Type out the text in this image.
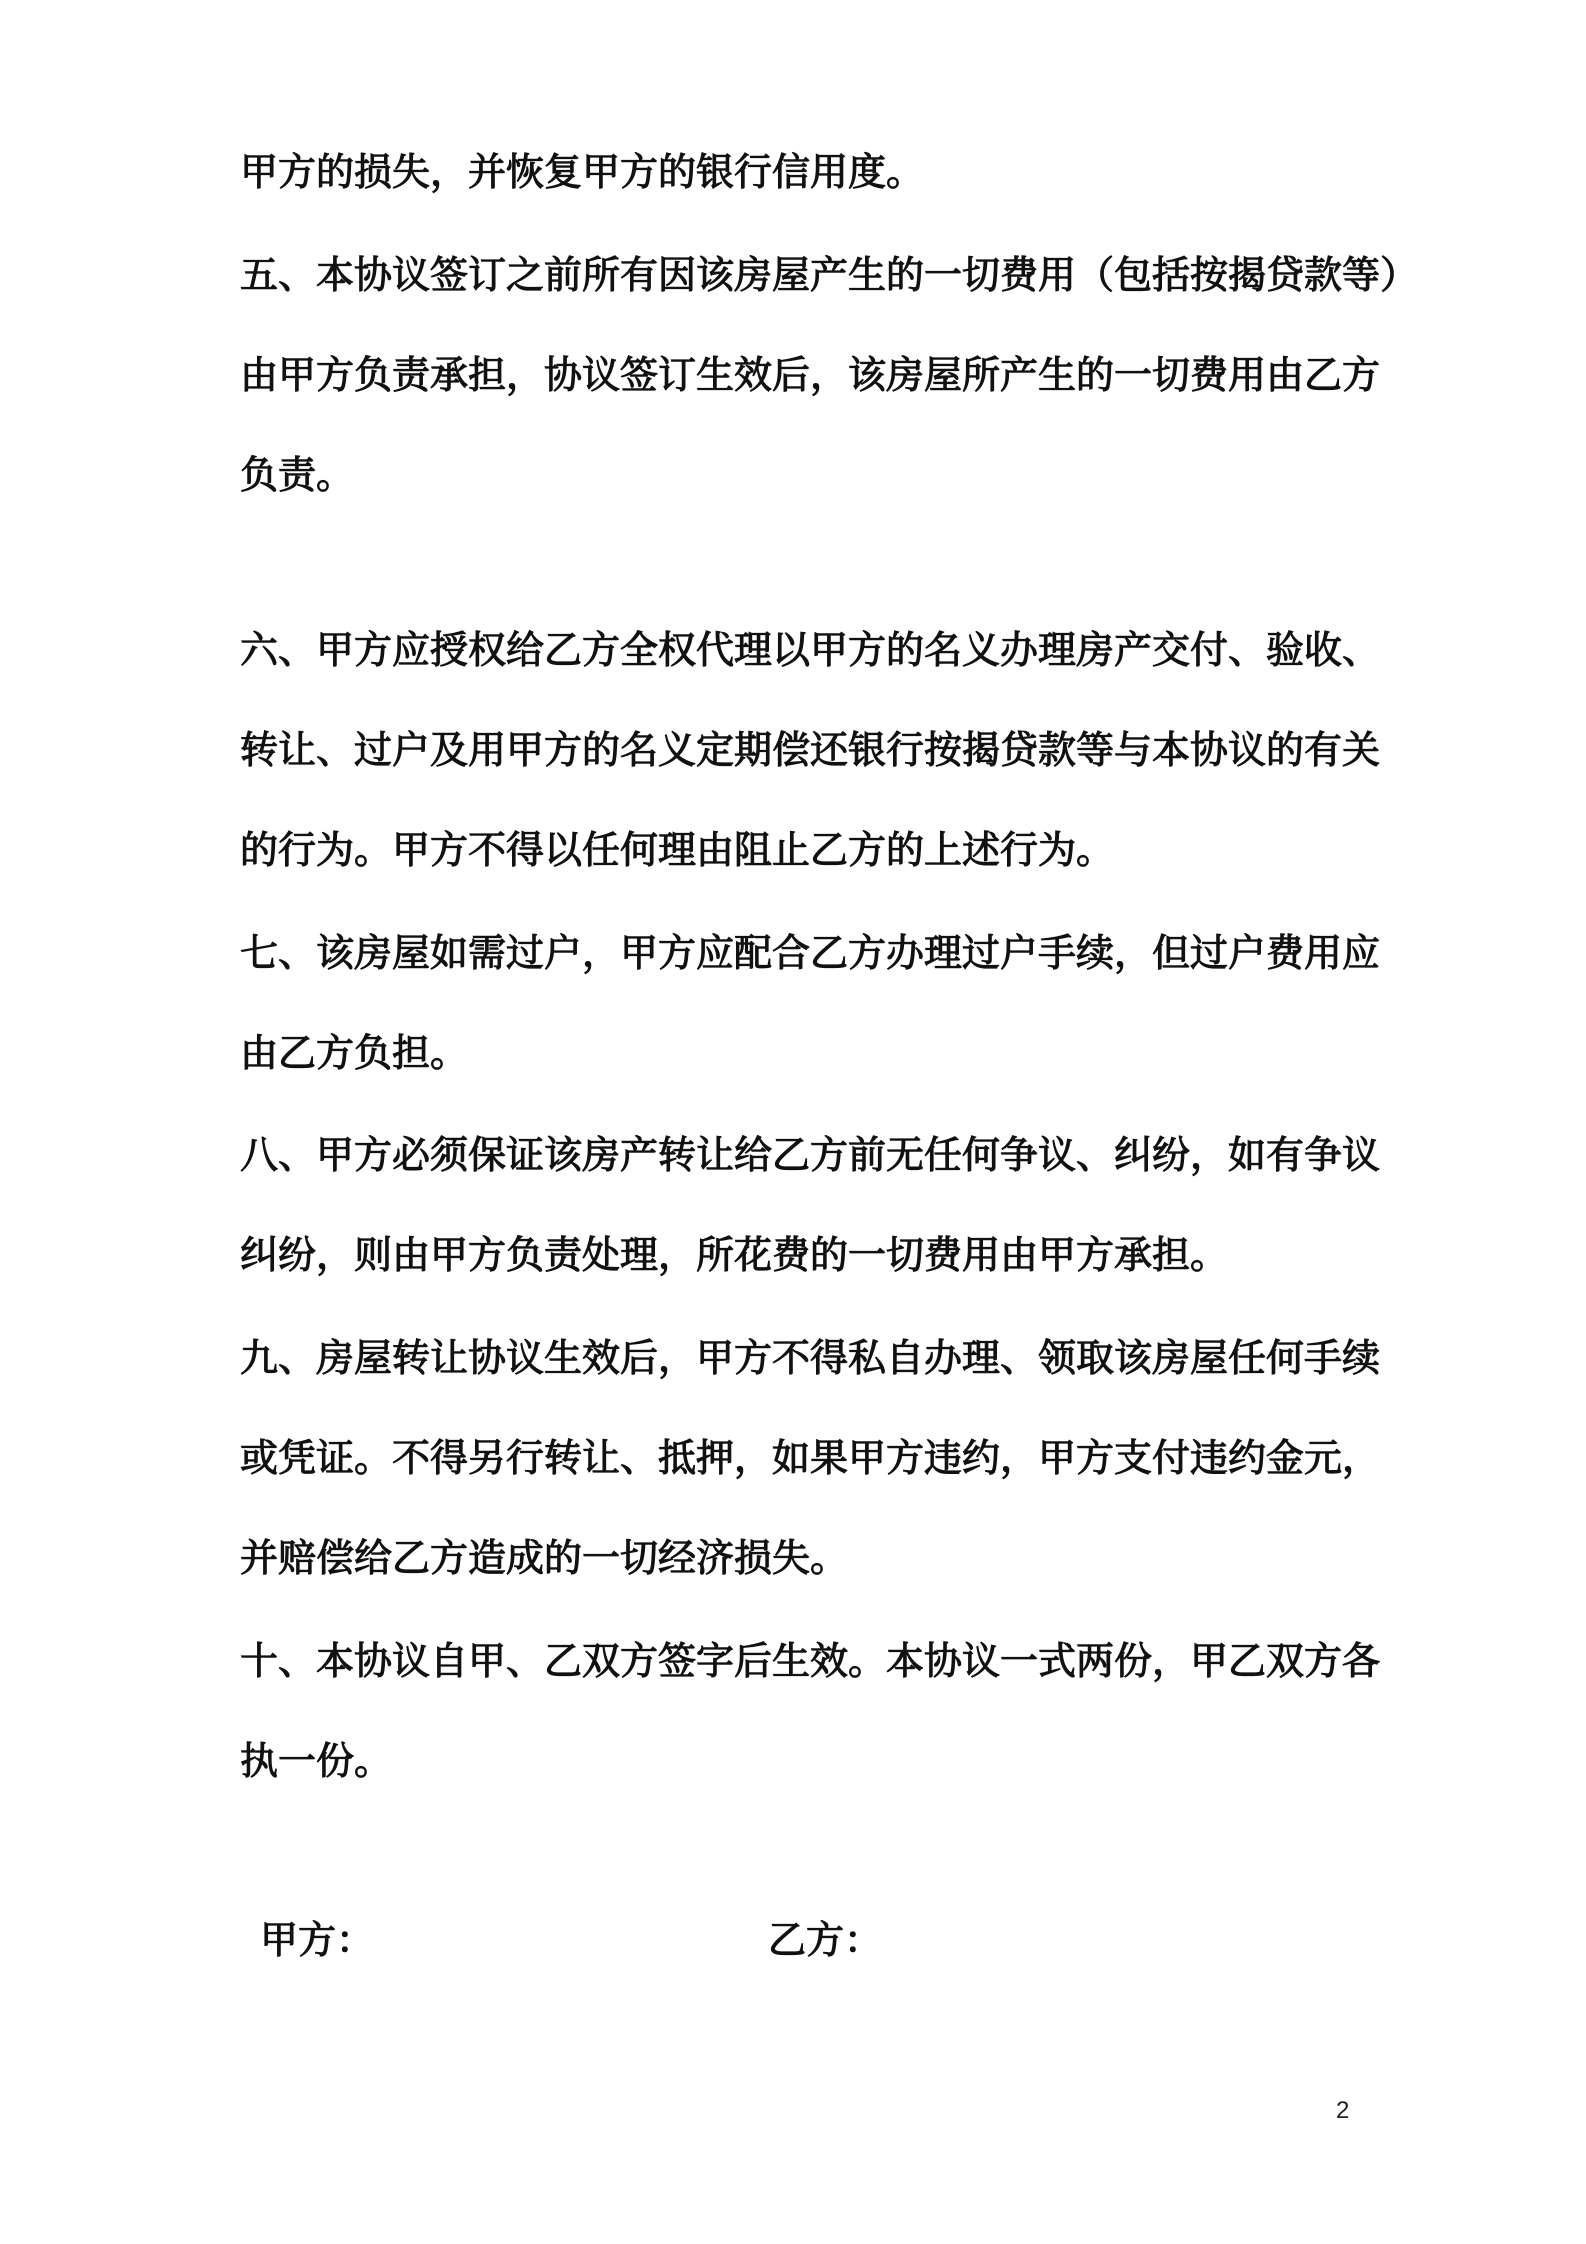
甲方的损失，并恢复甲方的银行信用度。
五、本协议签订之前所有因该房屋产生的一切费用（包括按揭贷款等）
由甲方负责承担，协议签订生效后，该房屋所产生的一切费用由乙方
负责。
六、甲方应授权给乙方全权代理以甲方的名义办理房产交付、验收、
转让、过户及用甲方的名义定期偿还银行按揭贷款等与本协议的有关
的行为。甲方不得以任何理由阻止乙方的上述行为。
七、该房屋如需过户，甲方应配合乙方办理过户手续，但过户费用应
由乙方负担。
八、甲方必须保证该房产转让给乙方前无任何争议、纠纷，如有争议
纠纷，则由甲方负责处理，所花费的一切费用由甲方承担。
九、房屋转让协议生效后，甲方不得私自办理、领取该房屋任何手续
或凭证。不得另行转让、抵押，如果甲方违约，甲方支付违约金元，
并赔偿给乙方造成的一切经济损失。
十、本协议自甲、乙双方签字后生效。本协议一式两份，甲乙双方各
执一份。
甲方：	乙方：
2
